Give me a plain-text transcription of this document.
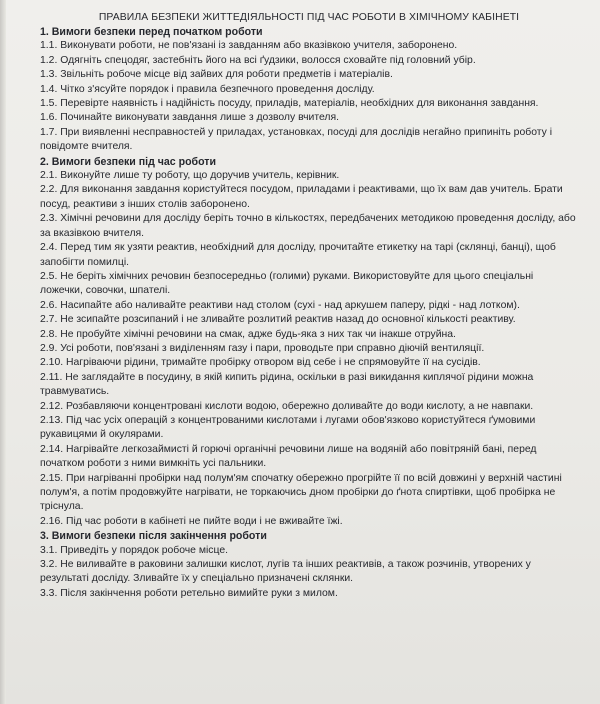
ПРАВИЛА БЕЗПЕКИ ЖИТТЕДІЯЛЬНОСТІ ПІД ЧАС РОБОТИ В ХІМІЧНОМУ КАБІНЕТІ

1. Вимоги безпеки перед початком роботи

1.1. Виконувати роботи, не пов'язані із завданням або вказівкою учителя, заборонено.

1.2. Одягніть спецодяг, застебніть його на всі ґудзики, волосся сховайте під головний убір.

1.3. Звільніть робоче місце від зайвих для роботи предметів і матеріалів.

1.4. Чітко з'ясуйте порядок і правила безпечного проведення досліду.

1.5. Перевірте наявність і надійність посуду, приладів, матеріалів, необхідних для виконання завдання.

1.6. Починайте виконувати завдання лише з дозволу вчителя.

1.7. При виявленні несправностей у приладах, установках, посуді для дослідів негайно припиніть роботу і повідомте вчителя.

2. Вимоги безпеки під час роботи

2.1. Виконуйте лише ту роботу, що доручив учитель, керівник.

2.2. Для виконання завдання користуйтеся посудом, приладами і реактивами, що їх вам дав учитель. Брати посуд, реактиви з інших столів заборонено.

2.3. Хімічні речовини для досліду беріть точно в кількостях, передбачених методикою проведення досліду, або за вказівкою вчителя.

2.4. Перед тим як узяти реактив, необхідний для досліду, прочитайте етикетку на тарі (склянці, банці), щоб запобігти помилці.

2.5. Не беріть хімічних речовин безпосередньо (голими) руками. Використовуйте для цього спеціальні ложечки, совочки, шпателі.

2.6. Насипайте або наливайте реактиви над столом (сухі - над аркушем паперу, рідкі - над лотком).

2.7. Не зсипайте розсипаний і не зливайте розлитий реактив назад до основної кількості реактиву.

2.8. Не пробуйте хімічні речовини на смак, адже будь-яка з них так чи інакше отруйна.

2.9. Усі роботи, пов'язані з виділенням газу і пари, проводьте при справно діючій вентиляції.

2.10. Нагріваючи рідини, тримайте пробірку отвором від себе і не спрямовуйте її на сусідів.

2.11. Не заглядайте в посудину, в якій кипить рідина, оскільки в разі викидання киплячої рідини можна травмуватись.

2.12. Розбавляючи концентровані кислоти водою, обережно доливайте до води кислоту, а не навпаки.

2.13. Під час усіх операцій з концентрованими кислотами і лугами обов'язково користуйтеся ґумовими рукавицями й окулярами.

2.14. Нагрівайте легкозаймисті й горючі органічні речовини лише на водяній або повітряній бані, перед початком роботи з ними вимкніть усі пальники.

2.15. При нагріванні пробірки над полум'ям спочатку обережно прогрійте її по всій довжині у верхній частині полум'я, а потім продовжуйте нагрівати, не торкаючись дном пробірки до ґнота спиртівки, щоб пробірка не тріснула.

2.16. Під час роботи в кабінеті не пийте води і не вживайте їжі.

3. Вимоги безпеки після закінчення роботи

3.1. Приведіть у порядок робоче місце.

3.2. Не виливайте в раковини залишки кислот, лугів та інших реактивів, а також розчинів, утворених у результаті досліду. Зливайте їх у спеціально призначені склянки.

3.3. Після закінчення роботи ретельно вимийте руки з милом.
